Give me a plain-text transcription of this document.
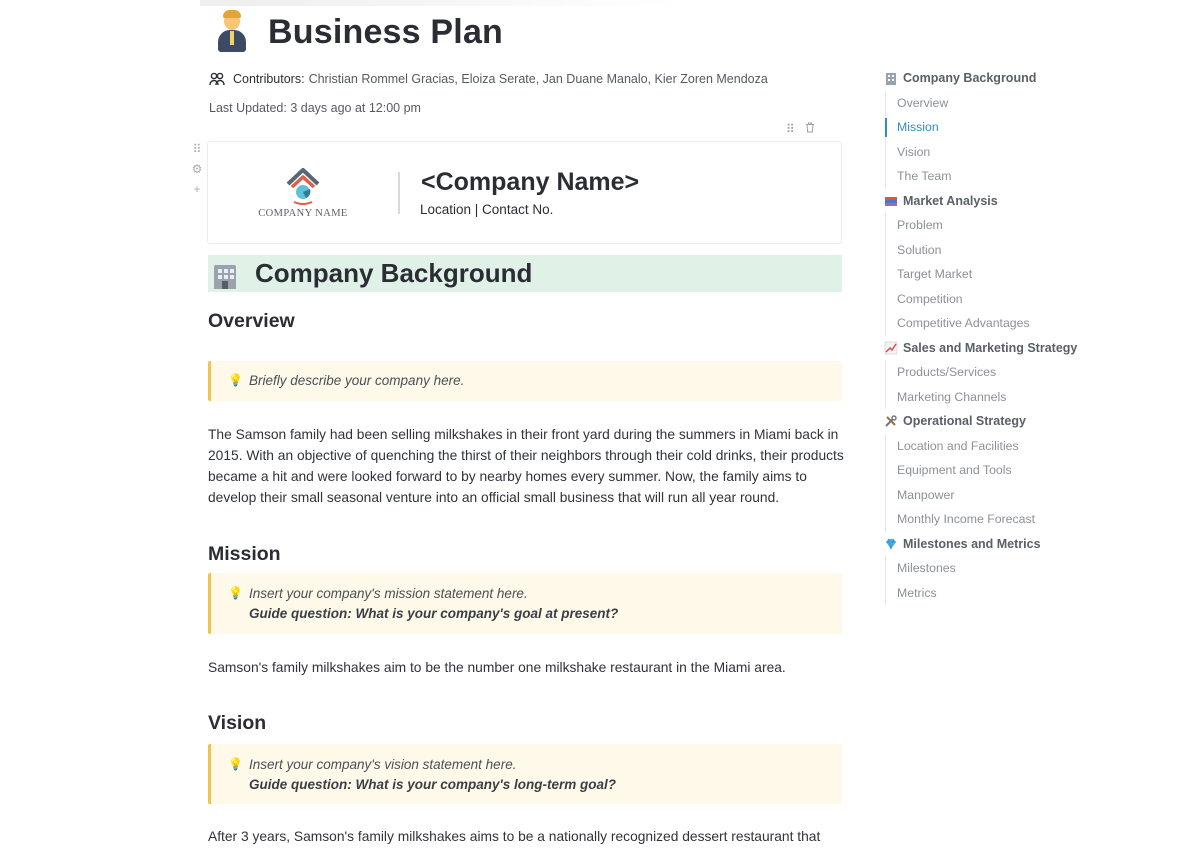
Business Plan
Contributors: Christian Rommel Gracias, Eloiza Serate, Jan Duane Manalo, Kier Zoren Mendoza
Last Updated:
3 days ago at 12:00 pm
⠿
⠿
⚙
+
COMPANY NAME
<Company Name>
Location | Contact No.
Company Background
Overview
💡 Briefly describe your company here.

The Samson family had been selling milkshakes in their front yard during the summers in Miami back in 2015. With an objective of quenching the thirst of their neighbors through their cold drinks, their products became a hit and were looked forward to by nearby homes every summer. Now, the family aims to develop their small seasonal venture into an official small business that will run all year round.

Mission
💡 Insert your company's mission statement here.
Guide question: What is your company's goal at present?

Samson's family milkshakes aim to be the number one milkshake restaurant in the Miami area.

Vision
💡 Insert your company's vision statement here.
Guide question: What is your company's long-term goal?

After 3 years, Samson's family milkshakes aims to be a nationally recognized dessert restaurant that

Company Background
Overview
Mission
Vision
The Team
Market Analysis
Problem
Solution
Target Market
Competition
Competitive Advantages
Sales and Marketing Strategy
Products/Services
Marketing Channels
Operational Strategy
Location and Facilities
Equipment and Tools
Manpower
Monthly Income Forecast
Milestones and Metrics
Milestones
Metrics
